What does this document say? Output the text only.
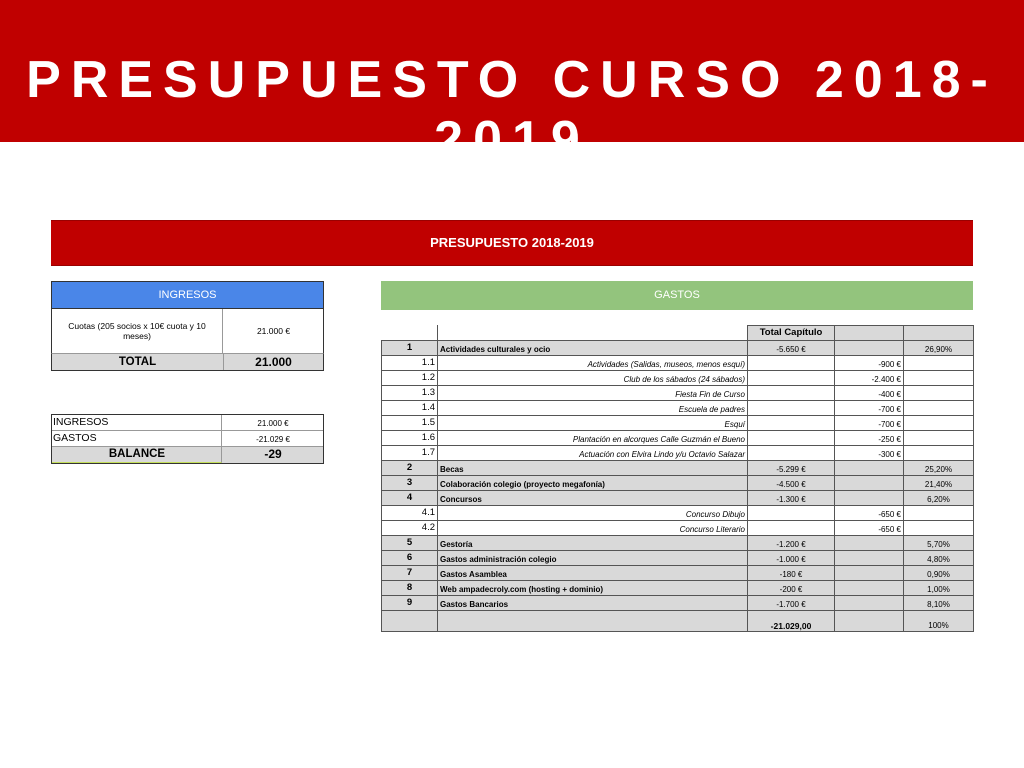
PRESUPUESTO CURSO 2018-2019
PRESUPUESTO 2018-2019
INGRESOS
Cuotas (205 socios x 10€ cuota y 10 meses)	21.000 €
TOTAL	21.000
INGRESOS	21.000 €
GASTOS	-21.029 €
BALANCE	-29
GASTOS
		Total Capítulo		
1	Actividades culturales y ocio	-5.650 €		26,90%
1.1	Actividades (Salidas, museos, menos esquí)		-900 €	
1.2	Club de los sábados (24 sábados)		-2.400 €	
1.3	Fiesta Fin de Curso		-400 €	
1.4	Escuela de padres		-700 €	
1.5	Esquí		-700 €	
1.6	Plantación en alcorques Calle Guzmán el Bueno		-250 €	
1.7	Actuación con Elvira Lindo y/u Octavio Salazar		-300 €	
2	Becas	-5.299 €		25,20%
3	Colaboración colegio (proyecto megafonía)	-4.500 €		21,40%
4	Concursos	-1.300 €		6,20%
4.1	Concurso Dibujo		-650 €	
4.2	Concurso Literario		-650 €	
5	Gestoría	-1.200 €		5,70%
6	Gastos administración colegio	-1.000 €		4,80%
7	Gastos Asamblea	-180 €		0,90%
8	Web ampadecroly.com (hosting + dominio)	-200 €		1,00%
9	Gastos Bancarios	-1.700 €		8,10%
		-21.029,00		100%
